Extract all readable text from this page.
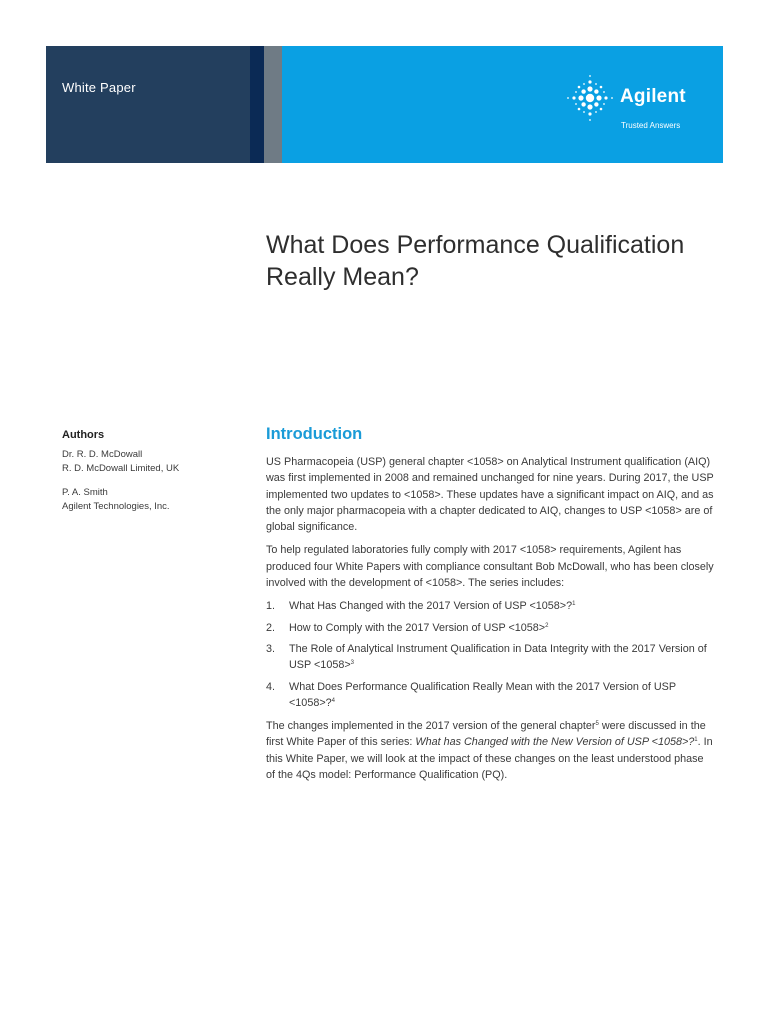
White Paper	Agilent
Trusted Answers
What Does Performance Qualification Really Mean?
Authors
Dr. R. D. McDowall
R. D. McDowall Limited, UK
P. A. Smith
Agilent Technologies, Inc.
Introduction

US Pharmacopeia (USP) general chapter <1058> on Analytical Instrument qualification (AIQ) was first implemented in 2008 and remained unchanged for nine years. During 2017, the USP implemented two updates to <1058>. These updates have a significant impact on AIQ, and as the only major pharmacopeia with a chapter dedicated to AIQ, changes to USP <1058> are of global significance.

To help regulated laboratories fully comply with 2017 <1058> requirements, Agilent has produced four White Papers with compliance consultant Bob McDowall, who has been closely involved with the development of <1058>. The series includes:

1. What Has Changed with the 2017 Version of USP <1058>?$^1$
2. How to Comply with the 2017 Version of USP <1058>$^2$
3. The Role of Analytical Instrument Qualification in Data Integrity with the 2017 Version of USP <1058>$^3$
4. What Does Performance Qualification Really Mean with the 2017 Version of USP <1058>?$^4$

The changes implemented in the 2017 version of the general chapter$^5$ were discussed in the first White Paper of this series: What has Changed with the New Version of USP <1058>?$^1$. In this White Paper, we will look at the impact of these changes on the least understood phase of the 4Qs model: Performance Qualification (PQ).
